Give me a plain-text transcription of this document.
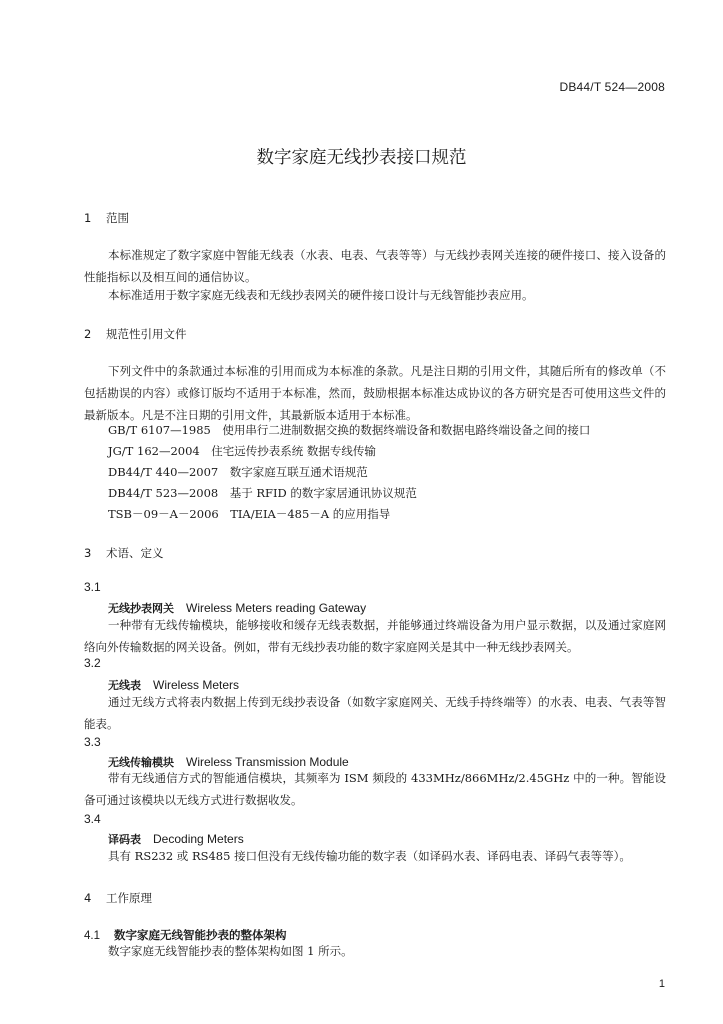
DB44/T 524—2008
数字家庭无线抄表接口规范
1 范围

本标准规定了数字家庭中智能无线表（水表、电表、气表等等）与无线抄表网关连接的硬件接口、接入设备的性能指标以及相互间的通信协议。

本标准适用于数字家庭无线表和无线抄表网关的硬件接口设计与无线智能抄表应用。

2 规范性引用文件

下列文件中的条款通过本标准的引用而成为本标准的条款。凡是注日期的引用文件，其随后所有的修改单（不包括勘误的内容）或修订版均不适用于本标准，然而，鼓励根据本标准达成协议的各方研究是否可使用这些文件的最新版本。凡是不注日期的引用文件，其最新版本适用于本标准。

GB/T 6107—1985　使用串行二进制数据交换的数据终端设备和数据电路终端设备之间的接口
JG/T 162—2004　住宅远传抄表系统 数据专线传输
DB44/T 440—2007　数字家庭互联互通术语规范
DB44/T 523—2008　基于 RFID 的数字家居通讯协议规范
TSB－09－A－2006　TIA/EIA－485－A 的应用指导
3 术语、定义
3.1
无线抄表网关 Wireless Meters reading Gateway

一种带有无线传输模块，能够接收和缓存无线表数据，并能够通过终端设备为用户显示数据，以及通过家庭网络向外传输数据的网关设备。例如，带有无线抄表功能的数字家庭网关是其中一种无线抄表网关。

3.2
无线表 Wireless Meters

通过无线方式将表内数据上传到无线抄表设备（如数字家庭网关、无线手持终端等）的水表、电表、气表等智能表。

3.3
无线传输模块 Wireless Transmission Module

带有无线通信方式的智能通信模块，其频率为 ISM 频段的 433MHz/866MHz/2.45GHz 中的一种。智能设备可通过该模块以无线方式进行数据收发。

3.4
译码表 Decoding Meters

具有 RS232 或 RS485 接口但没有无线传输功能的数字表（如译码水表、译码电表、译码气表等等）。

4 工作原理
4.1 数字家庭无线智能抄表的整体架构

数字家庭无线智能抄表的整体架构如图 1 所示。

1
